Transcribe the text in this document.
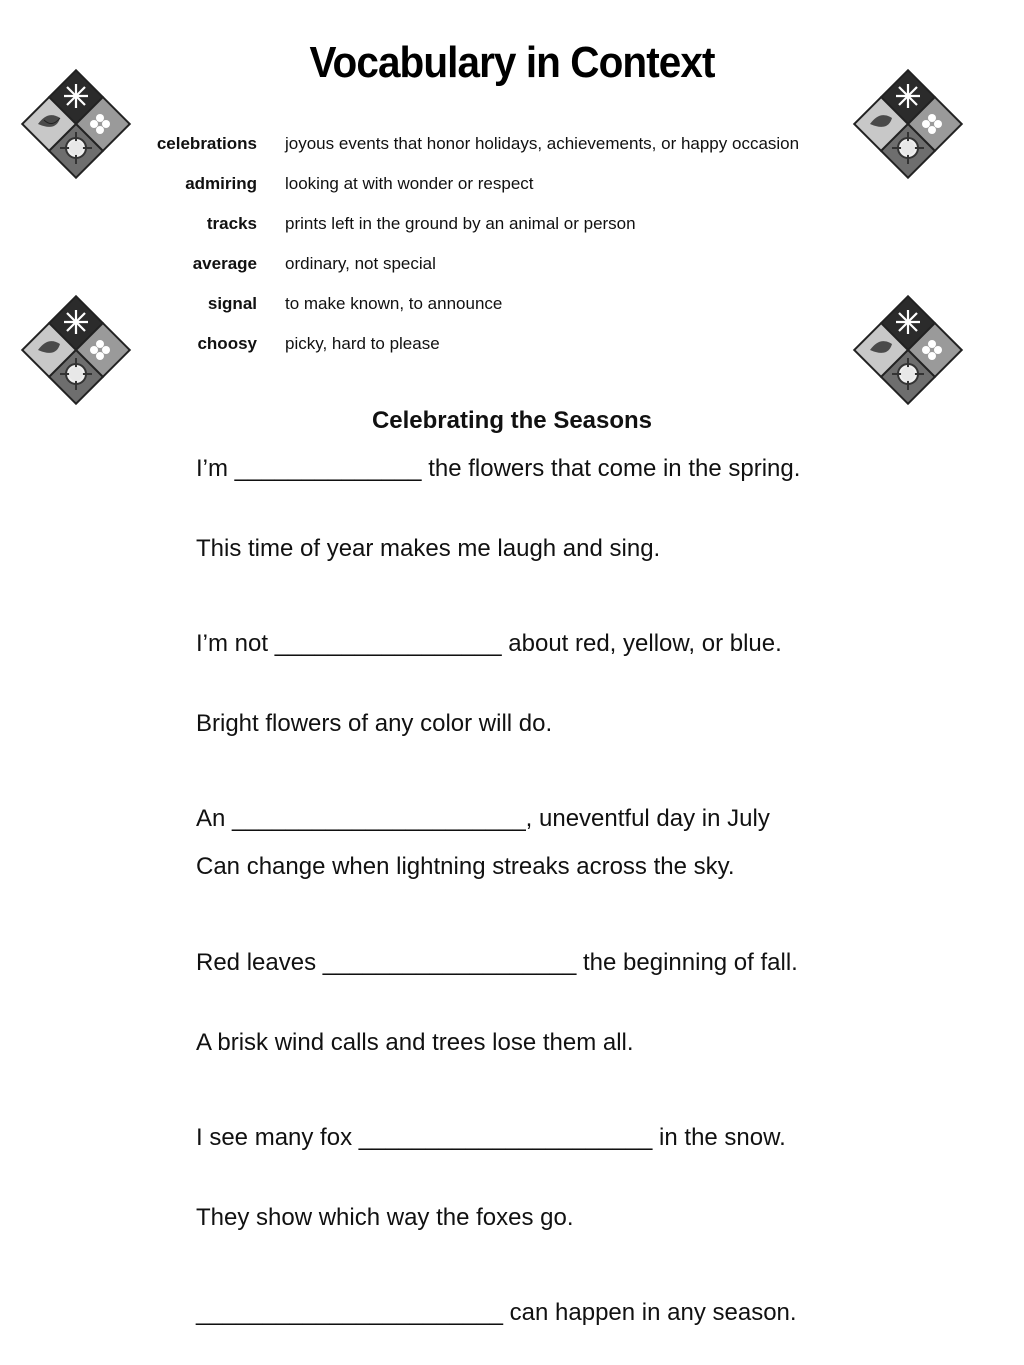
Vocabulary in Context
celebrations joyous events that honor holidays, achievements, or happy occasion
admiring looking at with wonder or respect
tracks prints left in the ground by an animal or person
average ordinary, not special
signal to make known, to announce
choosy picky, hard to please
Celebrating the Seasons
I’m ______________ the flowers that come in the spring.
This time of year makes me laugh and sing.
I’m not _________________ about red, yellow, or blue.
Bright flowers of any color will do.
An ______________________, uneventful day in July
Can change when lightning streaks across the sky.
Red leaves ___________________ the beginning of fall.
A brisk wind calls and trees lose them all.
I see many fox ______________________ in the snow.
They show which way the foxes go.
_______________________ can happen in any season.
